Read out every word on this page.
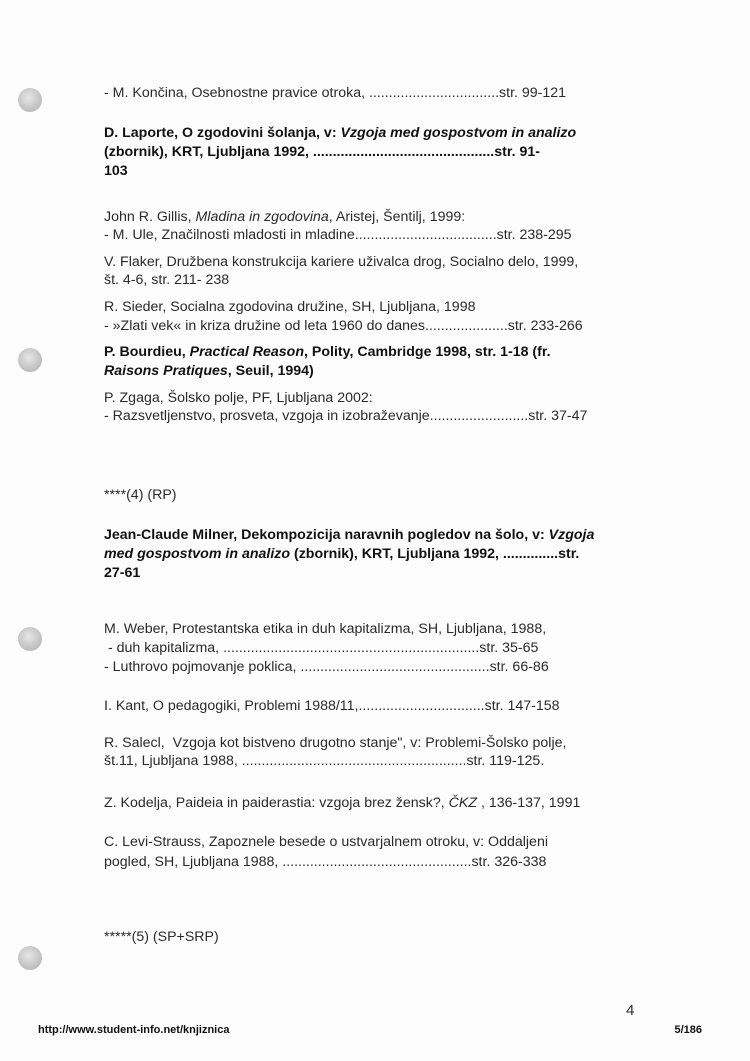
- M. Končina, Osebnostne pravice otroka, .................................str. 99-121
D. Laporte, O zgodovini šolanja, v: Vzgoja med gospostvom in analizo
(zbornik), KRT, Ljubljana 1992, ..............................................str. 91-
103
John R. Gillis, Mladina in zgodovina, Aristej, Šentilj, 1999:
- M. Ule, Značilnosti mladosti in mladine....................................str. 238-295
V. Flaker, Družbena konstrukcija kariere uživalca drog, Socialno delo, 1999,
št. 4-6, str. 211- 238
R. Sieder, Socialna zgodovina družine, SH, Ljubljana, 1998
- »Zlati vek« in kriza družine od leta 1960 do danes.....................str. 233-266
P. Bourdieu, Practical Reason, Polity, Cambridge 1998, str. 1-18 (fr.
Raisons Pratiques, Seuil, 1994)
P. Zgaga, Šolsko polje, PF, Ljubljana 2002:
- Razsvetljenstvo, prosveta, vzgoja in izobraževanje.........................str. 37-47
****(4) (RP)
Jean-Claude Milner, Dekompozicija naravnih pogledov na šolo, v: Vzgoja
med gospostvom in analizo (zbornik), KRT, Ljubljana 1992, ..............str.
27-61
M. Weber, Protestantska etika in duh kapitalizma, SH, Ljubljana, 1988,
- duh kapitalizma, .................................................................str. 35-65
- Luthrovo pojmovanje poklica, ................................................str. 66-86
I. Kant, O pedagogiki, Problemi 1988/11,................................str. 147-158
R. Salecl,  Vzgoja kot bistveno drugotno stanje", v: Problemi-Šolsko polje,
št.11, Ljubljana 1988, .........................................................str. 119-125.
Z. Kodelja, Paideia in paiderastia: vzgoja brez žensk?, ČKZ , 136-137, 1991
C. Levi-Strauss, Zapoznele besede o ustvarjalnem otroku, v: Oddaljeni
pogled, SH, Ljubljana 1988, ................................................str. 326-338
*****(5) (SP+SRP)
4
http://www.student-info.net/knjiznica	5/186
